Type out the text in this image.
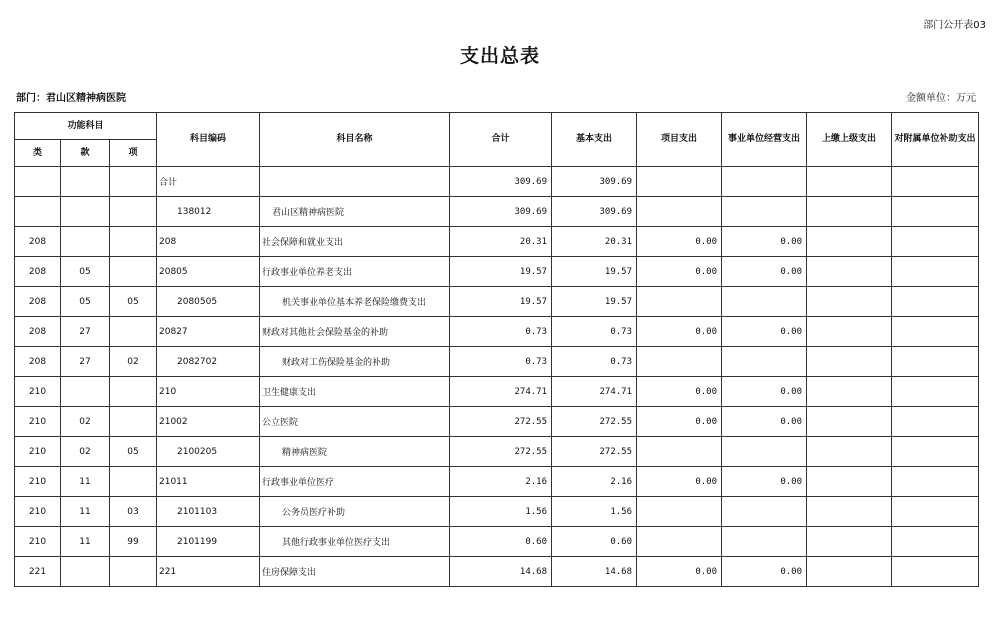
部门公开表03
支出总表
部门：君山区精神病医院	金额单位：万元
功能科目			科目编码	科目名称	合计	基本支出	项目支出	事业单位经营支出	上缴上级支出	对附属单位补助支出
类	款	项								
			合计		309.69	309.69				
			138012	君山区精神病医院	309.69	309.69				
208			208	社会保障和就业支出	20.31	20.31	0.00	0.00		
208	05		20805	行政事业单位养老支出	19.57	19.57	0.00	0.00		
208	05	05	2080505	机关事业单位基本养老保险缴费支出	19.57	19.57				
208	27		20827	财政对其他社会保险基金的补助	0.73	0.73	0.00	0.00		
208	27	02	2082702	财政对工伤保险基金的补助	0.73	0.73				
210			210	卫生健康支出	274.71	274.71	0.00	0.00		
210	02		21002	公立医院	272.55	272.55	0.00	0.00		
210	02	05	2100205	精神病医院	272.55	272.55				
210	11		21011	行政事业单位医疗	2.16	2.16	0.00	0.00		
210	11	03	2101103	公务员医疗补助	1.56	1.56				
210	11	99	2101199	其他行政事业单位医疗支出	0.60	0.60				
221			221	住房保障支出	14.68	14.68	0.00	0.00		
